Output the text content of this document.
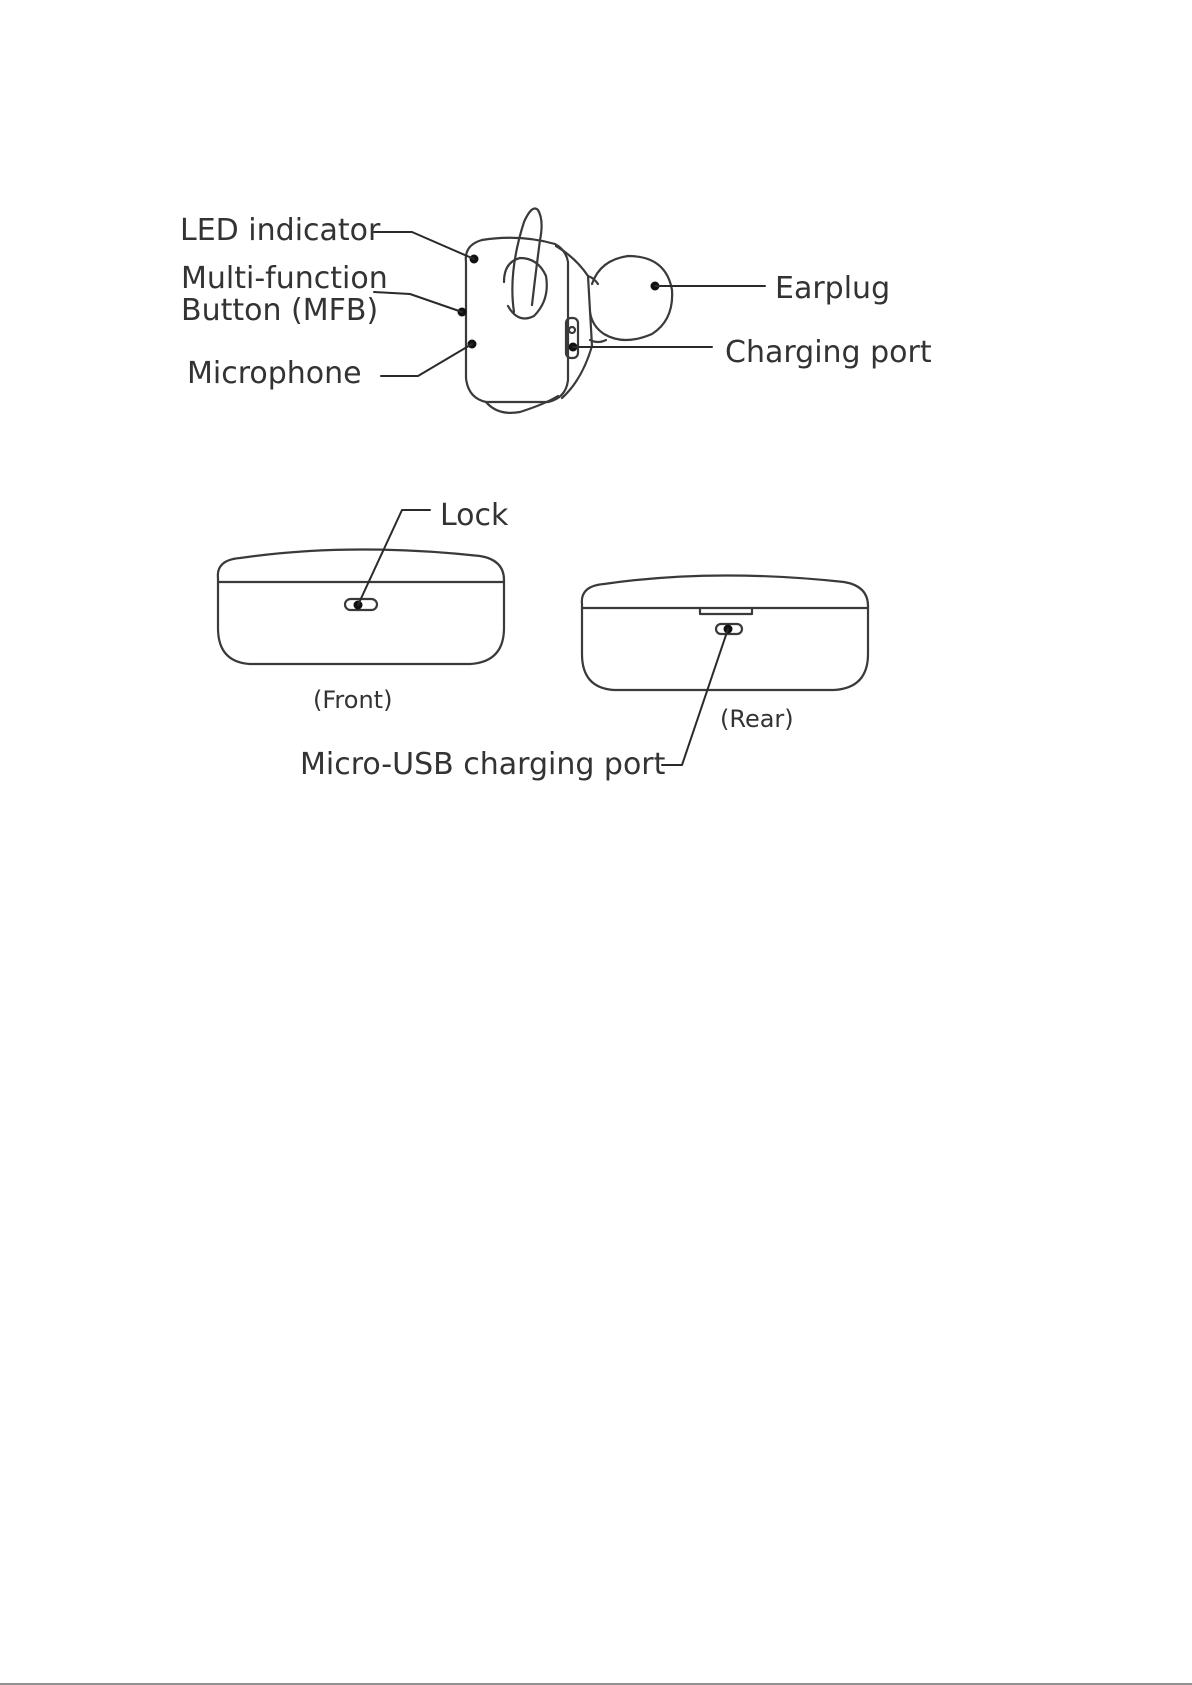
LED indicator
Multi-function
Button (MFB)
Microphone
Earplug
Charging port
Lock
(Front)
Micro-USB charging port
(Rear)
